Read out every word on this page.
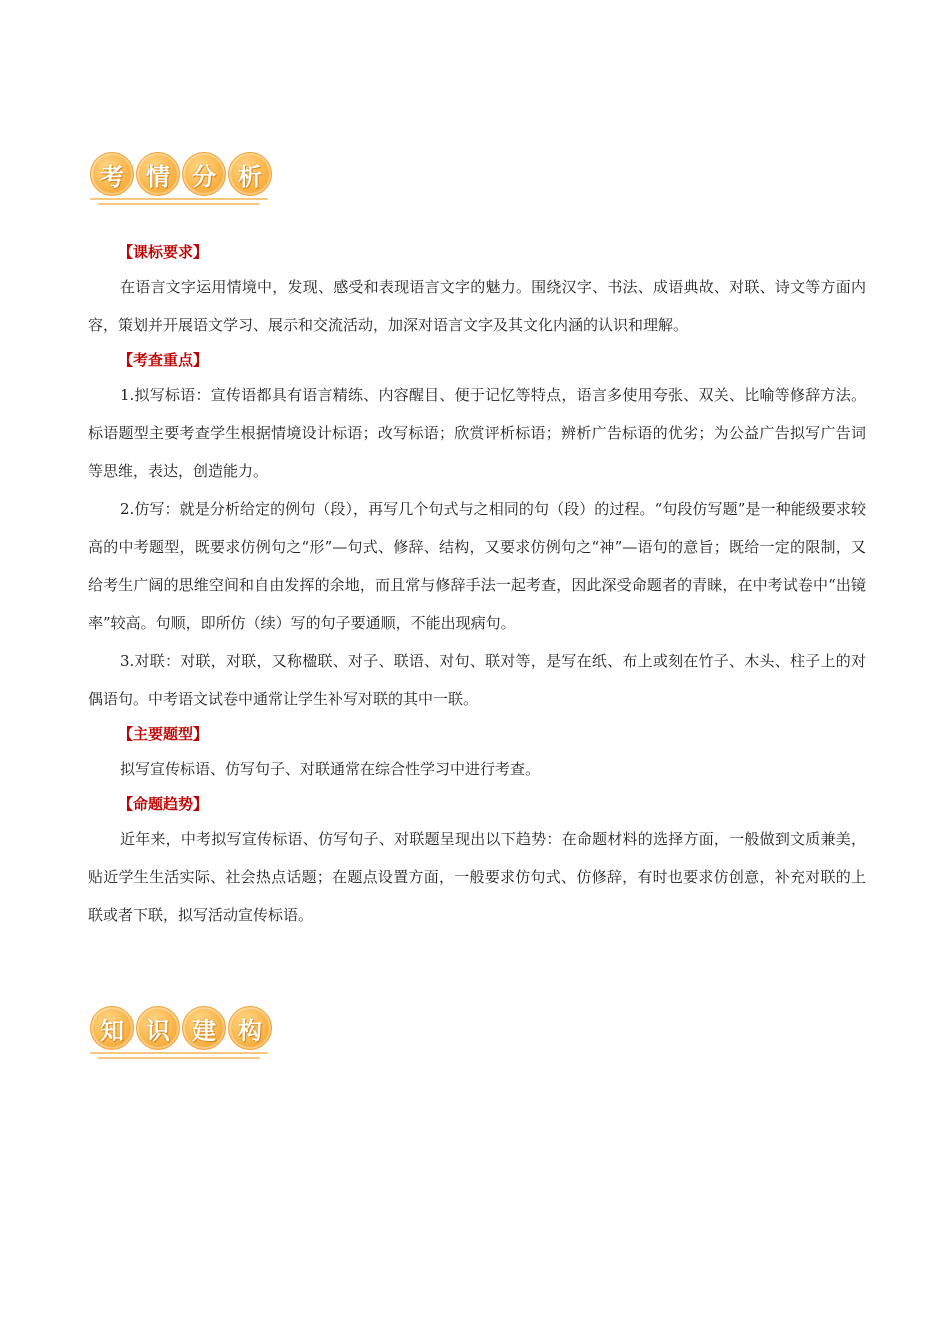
考 情 分 析
【课标要求】

在语言文字运用情境中，发现、感受和表现语言文字的魅力。围绕汉字、书法、成语典故、对联、诗文等方面内容，策划并开展语文学习、展示和交流活动，加深对语言文字及其文化内涵的认识和理解。

【考查重点】

1.拟写标语：宣传语都具有语言精练、内容醒目、便于记忆等特点，语言多使用夸张、双关、比喻等修辞方法。标语题型主要考查学生根据情境设计标语；改写标语；欣赏评析标语；辨析广告标语的优劣；为公益广告拟写广告词等思维，表达，创造能力。

2.仿写：就是分析给定的例句（段），再写几个句式与之相同的句（段）的过程。“句段仿写题”是一种能级要求较高的中考题型，既要求仿例句之“形”—句式、修辞、结构，又要求仿例句之“神”—语句的意旨；既给一定的限制，又给考生广阔的思维空间和自由发挥的余地，而且常与修辞手法一起考查，因此深受命题者的青睐，在中考试卷中“出镜率”较高。句顺，即所仿（续）写的句子要通顺，不能出现病句。

3.对联：对联，对联，又称楹联、对子、联语、对句、联对等，是写在纸、布上或刻在竹子、木头、柱子上的对偶语句。中考语文试卷中通常让学生补写对联的其中一联。

【主要题型】

拟写宣传标语、仿写句子、对联通常在综合性学习中进行考查。

【命题趋势】

近年来，中考拟写宣传标语、仿写句子、对联题呈现出以下趋势：在命题材料的选择方面，一般做到文质兼美，贴近学生生活实际、社会热点话题；在题点设置方面，一般要求仿句式、仿修辞，有时也要求仿创意，补充对联的上联或者下联，拟写活动宣传标语。

知 识 建 构
